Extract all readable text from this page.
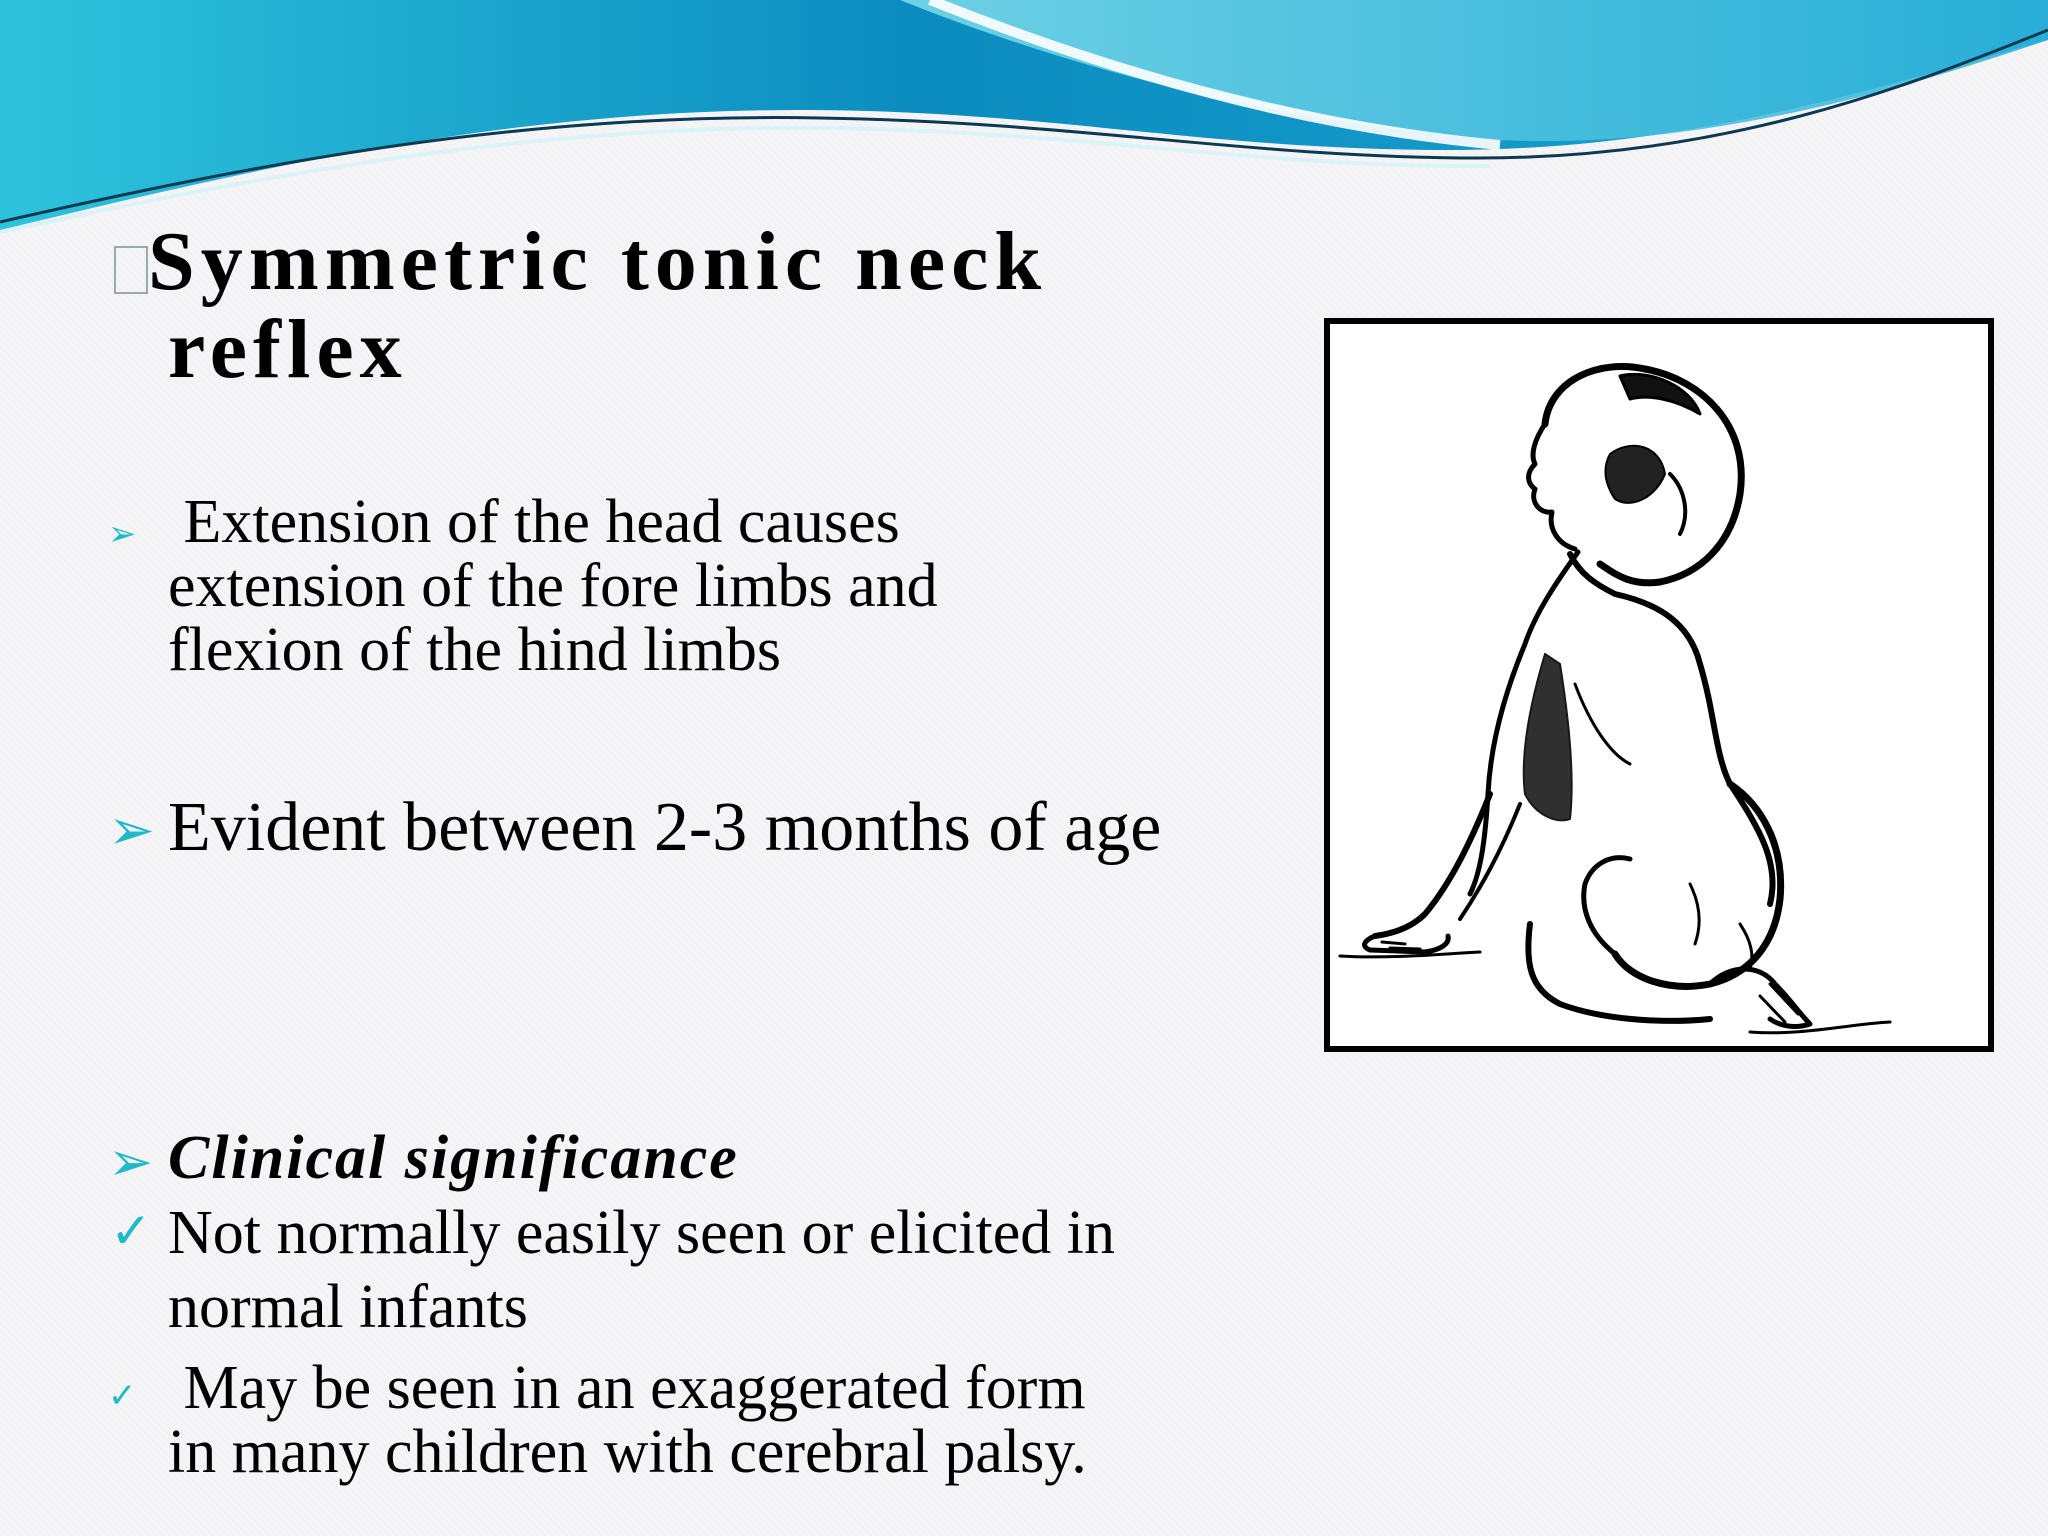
Symmetric tonic neck
reflex
➢ Extension of the head causes
extension of the fore limbs and
flexion of the hind limbs
➢ Evident between 2-3 months of age
➢ Clinical significance
✓ Not normally easily seen or elicited in
normal infants
✓ May be seen in an exaggerated form
in many children with cerebral palsy.
